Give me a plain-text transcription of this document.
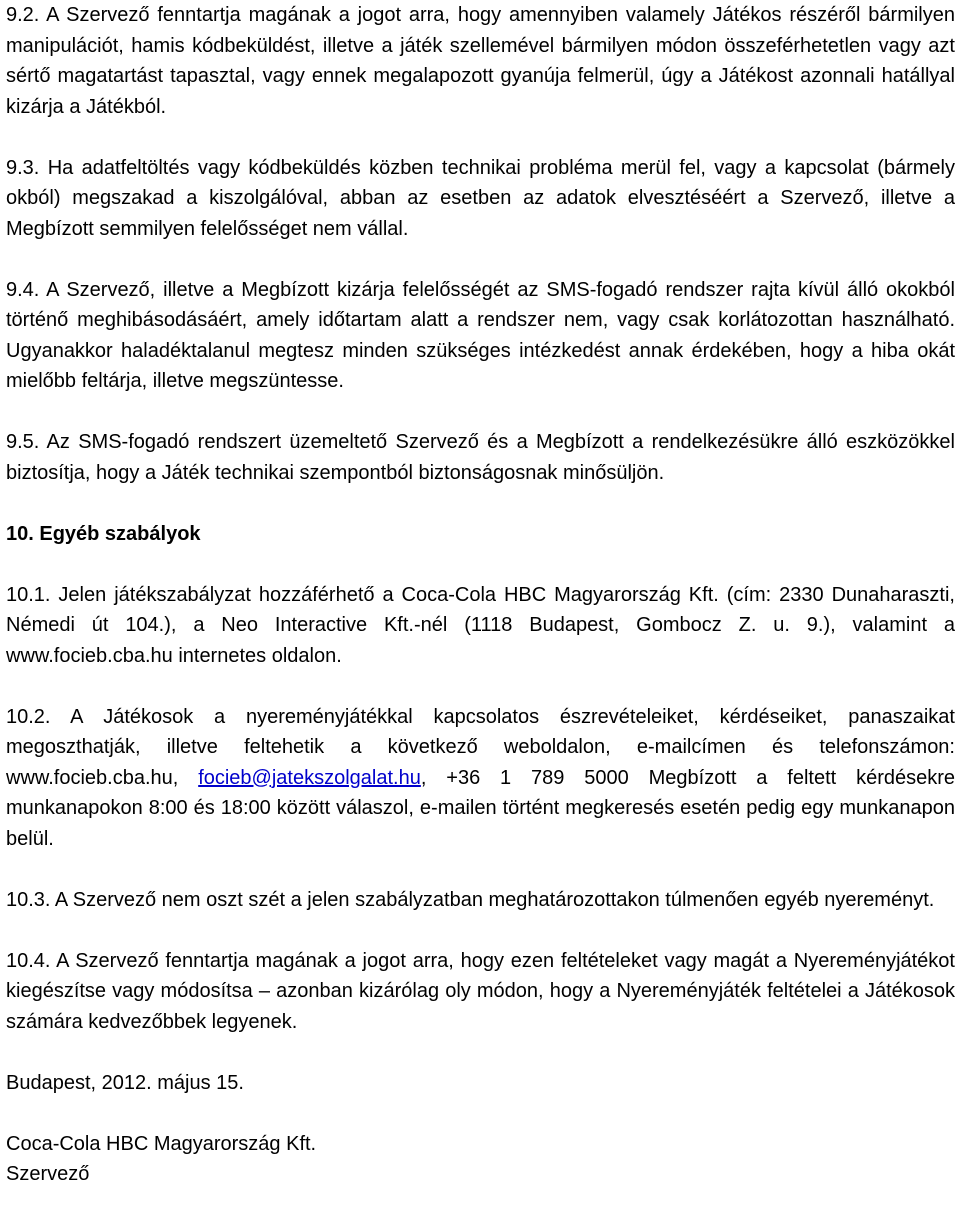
9.2. A Szervező fenntartja magának a jogot arra, hogy amennyiben valamely Játékos részéről bármilyen manipulációt, hamis kódbeküldést, illetve a játék szellemével bármilyen módon összeférhetetlen vagy azt sértő magatartást tapasztal, vagy ennek megalapozott gyanúja felmerül, úgy a Játékost azonnali hatállyal kizárja a Játékból.

9.3. Ha adatfeltöltés vagy kódbeküldés közben technikai probléma merül fel, vagy a kapcsolat (bármely okból) megszakad a kiszolgálóval, abban az esetben az adatok elvesztéséért a Szervező, illetve a Megbízott semmilyen felelősséget nem vállal.

9.4. A Szervező, illetve a Megbízott kizárja felelősségét az SMS-fogadó rendszer rajta kívül álló okokból történő meghibásodásáért, amely időtartam alatt a rendszer nem, vagy csak korlátozottan használható. Ugyanakkor haladéktalanul megtesz minden szükséges intézkedést annak érdekében, hogy a hiba okát mielőbb feltárja, illetve megszüntesse.

9.5. Az SMS-fogadó rendszert üzemeltető Szervező és a Megbízott a rendelkezésükre álló eszközökkel biztosítja, hogy a Játék technikai szempontból biztonságosnak minősüljön.

10. Egyéb szabályok

10.1. Jelen játékszabályzat hozzáférhető a Coca-Cola HBC Magyarország Kft. (cím: 2330 Dunaharaszti, Némedi út 104.), a Neo Interactive Kft.-nél (1118 Budapest, Gombocz Z. u. 9.), valamint a www.focieb.cba.hu internetes oldalon.

10.2. A Játékosok a nyereményjátékkal kapcsolatos észrevételeiket, kérdéseiket, panaszaikat megoszthatják, illetve feltehetik a következő weboldalon, e-mailcímen és telefonszámon: www.focieb.cba.hu, focieb@jatekszolgalat.hu, +36 1 789 5000 Megbízott a feltett kérdésekre munkanapokon 8:00 és 18:00 között válaszol, e-mailen történt megkeresés esetén pedig egy munkanapon belül.

10.3. A Szervező nem oszt szét a jelen szabályzatban meghatározottakon túlmenően egyéb nyereményt.

10.4. A Szervező fenntartja magának a jogot arra, hogy ezen feltételeket vagy magát a Nyereményjátékot kiegészítse vagy módosítsa – azonban kizárólag oly módon, hogy a Nyereményjáték feltételei a Játékosok számára kedvezőbbek legyenek.

Budapest, 2012. május 15.

Coca-Cola HBC Magyarország Kft.

Szervező
